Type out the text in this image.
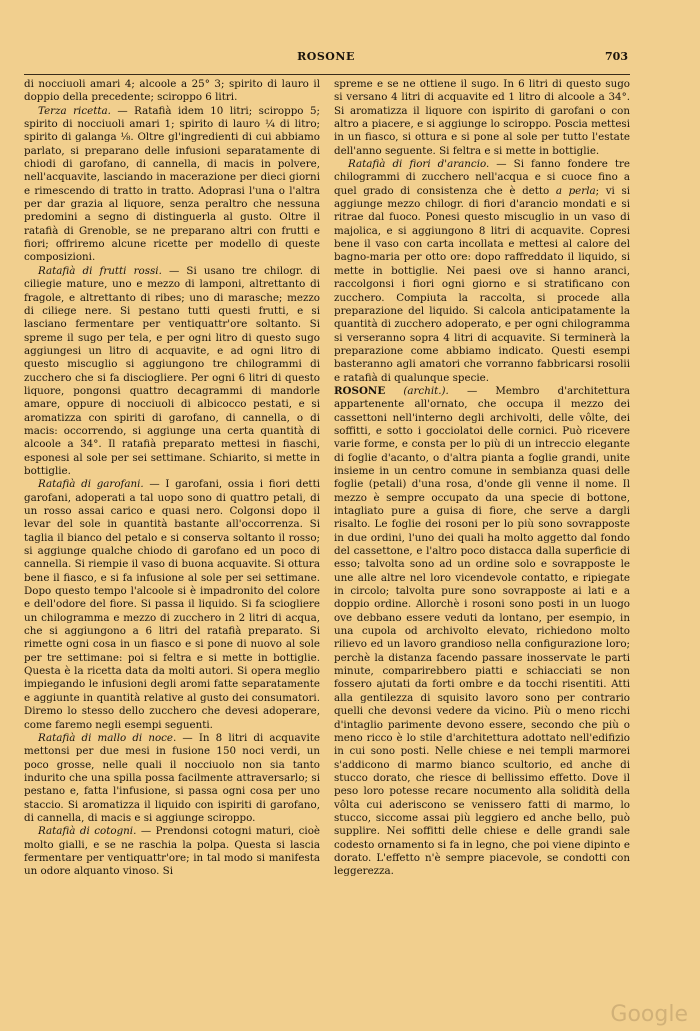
ROSONE	703

di nocciuoli amari 4; alcoole a 25° 3; spirito di lauro il doppio della precedente; sciroppo 6 litri.

Terza ricetta. — Ratafià idem 10 litri; sciroppo 5; spirito di nocciuoli amari 1; spirito di lauro ¼ di litro; spirito di galanga ⅛. Oltre gl'ingredienti di cui abbiamo parlato, si preparano delle infusioni separatamente di chiodi di garofano, di cannella, di macis in polvere, nell'acquavite, lasciando in macerazione per dieci giorni e rimescendo di tratto in tratto. Adoprasi l'una o l'altra per dar grazia al liquore, senza peraltro che nessuna predomini a segno di distinguerla al gusto. Oltre il ratafià di Grenoble, se ne preparano altri con frutti e fiori; offriremo alcune ricette per modello di queste composizioni.

Ratafià di frutti rossi. — Si usano tre chilogr. di ciliegie mature, uno e mezzo di lamponi, altrettanto di fragole, e altrettanto di ribes; uno di marasche; mezzo di ciliege nere. Si pestano tutti questi frutti, e si lasciano fermentare per ventiquattr'ore soltanto. Si spreme il sugo per tela, e per ogni litro di questo sugo aggiungesi un litro di acquavite, e ad ogni litro di questo miscuglio si aggiungono tre chilogrammi di zucchero che si fa disciogliere. Per ogni 6 litri di questo liquore, pongonsi quattro decagrammi di mandorle amare, oppure di nocciuoli di albicocco pestati, e si aromatizza con spiriti di garofano, di cannella, o di macis: occorrendo, si aggiunge una certa quantità di alcoole a 34°. Il ratafià preparato mettesi in fiaschi, esponesi al sole per sei settimane. Schiarito, si mette in bottiglie.

Ratafià di garofani. — I garofani, ossia i fiori detti garofani, adoperati a tal uopo sono di quattro petali, di un rosso assai carico e quasi nero. Colgonsi dopo il levar del sole in quantità bastante all'occorrenza. Si taglia il bianco del petalo e si conserva soltanto il rosso; si aggiunge qualche chiodo di garofano ed un poco di cannella. Si riempie il vaso di buona acquavite. Si ottura bene il fiasco, e si fa infusione al sole per sei settimane. Dopo questo tempo l'alcoole si è impadronito del colore e dell'odore del fiore. Si passa il liquido. Si fa sciogliere un chilogramma e mezzo di zucchero in 2 litri di acqua, che si aggiungono a 6 litri del ratafià preparato. Si rimette ogni cosa in un fiasco e si pone di nuovo al sole per tre settimane: poi si feltra e si mette in bottiglie. Questa è la ricetta data da molti autori. Si opera meglio impiegando le infusioni degli aromi fatte separatamente e aggiunte in quantità relative al gusto dei consumatori. Diremo lo stesso dello zucchero che devesi adoperare, come faremo negli esempi seguenti.

Ratafià di mallo di noce. — In 8 litri di acquavite mettonsi per due mesi in fusione 150 noci verdi, un poco grosse, nelle quali il nocciuolo non sia tanto indurito che una spilla possa facilmente attraversarlo; si pestano e, fatta l'infusione, si passa ogni cosa per uno staccio. Si aromatizza il liquido con ispiriti di garofano, di cannella, di macis e si aggiunge sciroppo.

Ratafià di cotogni. — Prendonsi cotogni maturi, cioè molto gialli, e se ne raschia la polpa. Questa si lascia fermentare per ventiquattr'ore; in tal modo si manifesta un odore alquanto vinoso. Si

spreme e se ne ottiene il sugo. In 6 litri di questo sugo si versano 4 litri di acquavite ed 1 litro di alcoole a 34°. Si aromatizza il liquore con ispirito di garofani o con altro a piacere, e si aggiunge lo sciroppo. Poscia mettesi in un fiasco, si ottura e si pone al sole per tutto l'estate dell'anno seguente. Si feltra e si mette in bottiglie.

Ratafià di fiori d'arancio. — Si fanno fondere tre chilogrammi di zucchero nell'acqua e si cuoce fino a quel grado di consistenza che è detto a perla; vi si aggiunge mezzo chilogr. di fiori d'arancio mondati e si ritrae dal fuoco. Ponesi questo miscuglio in un vaso di majolica, e si aggiungono 8 litri di acquavite. Copresi bene il vaso con carta incollata e mettesi al calore del bagno-maria per otto ore: dopo raffreddato il liquido, si mette in bottiglie. Nei paesi ove si hanno aranci, raccolgonsi i fiori ogni giorno e si stratificano con zucchero. Compiuta la raccolta, si procede alla preparazione del liquido. Si calcola anticipatamente la quantità di zucchero adoperato, e per ogni chilogramma si verseranno sopra 4 litri di acquavite. Si terminerà la preparazione come abbiamo indicato. Questi esempi basteranno agli amatori che vorranno fabbricarsi rosolii e ratafià di qualunque specie.

ROSONE (archit.). — Membro d'architettura appartenente all'ornato, che occupa il mezzo dei cassettoni nell'interno degli archivolti, delle vôlte, dei soffitti, e sotto i gocciolatoi delle cornici. Può ricevere varie forme, e consta per lo più di un intreccio elegante di foglie d'acanto, o d'altra pianta a foglie grandi, unite insieme in un centro comune in sembianza quasi delle foglie (petali) d'una rosa, d'onde gli venne il nome. Il mezzo è sempre occupato da una specie di bottone, intagliato pure a guisa di fiore, che serve a dargli risalto. Le foglie dei rosoni per lo più sono sovrapposte in due ordini, l'uno dei quali ha molto aggetto dal fondo del cassettone, e l'altro poco distacca dalla superficie di esso; talvolta sono ad un ordine solo e sovrapposte le une alle altre nel loro vicendevole contatto, e ripiegate in circolo; talvolta pure sono sovrapposte ai lati e a doppio ordine. Allorchè i rosoni sono posti in un luogo ove debbano essere veduti da lontano, per esempio, in una cupola od archivolto elevato, richiedono molto rilievo ed un lavoro grandioso nella configurazione loro; perchè la distanza facendo passare inosservate le parti minute, comparirebbero piatti e schiacciati se non fossero ajutati da forti ombre e da tocchi risentiti. Atti alla gentilezza di squisito lavoro sono per contrario quelli che devonsi vedere da vicino. Più o meno ricchi d'intaglio parimente devono essere, secondo che più o meno ricco è lo stile d'architettura adottato nell'edifizio in cui sono posti. Nelle chiese e nei templi marmorei s'addicono di marmo bianco scultorio, ed anche di stucco dorato, che riesce di bellissimo effetto. Dove il peso loro potesse recare nocumento alla solidità della vôlta cui aderiscono se venissero fatti di marmo, lo stucco, siccome assai più leggiero ed anche bello, può supplire. Nei soffitti delle chiese e delle grandi sale codesto ornamento si fa in legno, che poi viene dipinto e dorato. L'effetto n'è sempre piacevole, se condotti con leggerezza.

Google
